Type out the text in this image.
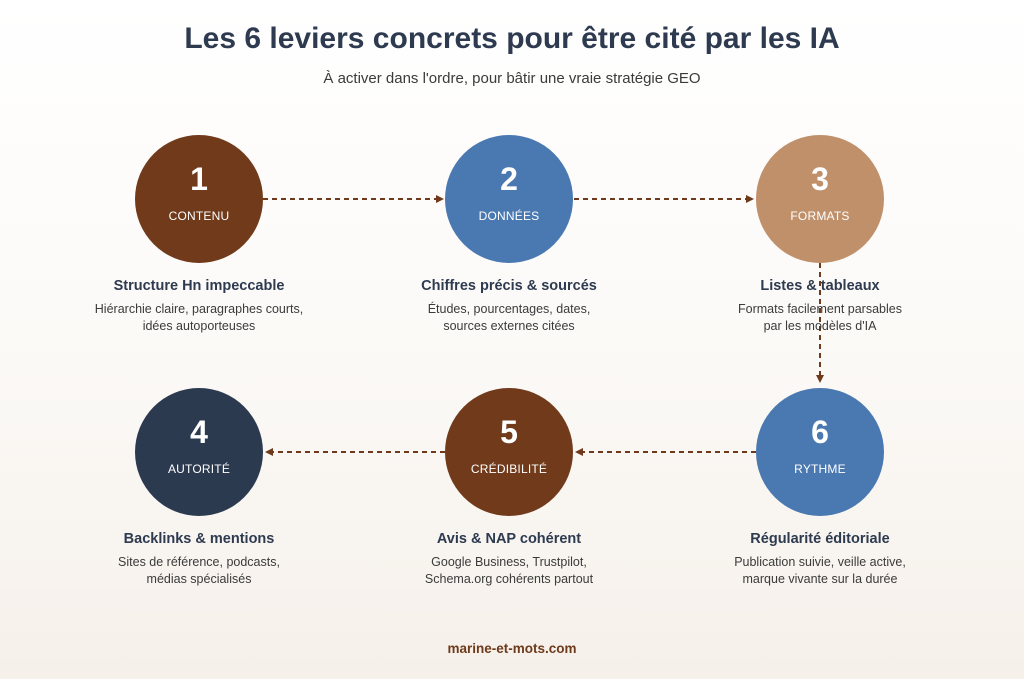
Les 6 leviers concrets pour être cité par les IA
À activer dans l'ordre, pour bâtir une vraie stratégie GEO
1
CONTENU
Structure Hn impeccable
Hiérarchie claire, paragraphes courts,
idées autoporteuses
2
DONNÉES
Chiffres précis & sourcés
Études, pourcentages, dates,
sources externes citées
3
FORMATS
Listes & tableaux
Formats facilement parsables
par les modèles d'IA
4
AUTORITÉ
Backlinks & mentions
Sites de référence, podcasts,
médias spécialisés
5
CRÉDIBILITÉ
Avis & NAP cohérent
Google Business, Trustpilot,
Schema.org cohérents partout
6
RYTHME
Régularité éditoriale
Publication suivie, veille active,
marque vivante sur la durée
marine-et-mots.com
